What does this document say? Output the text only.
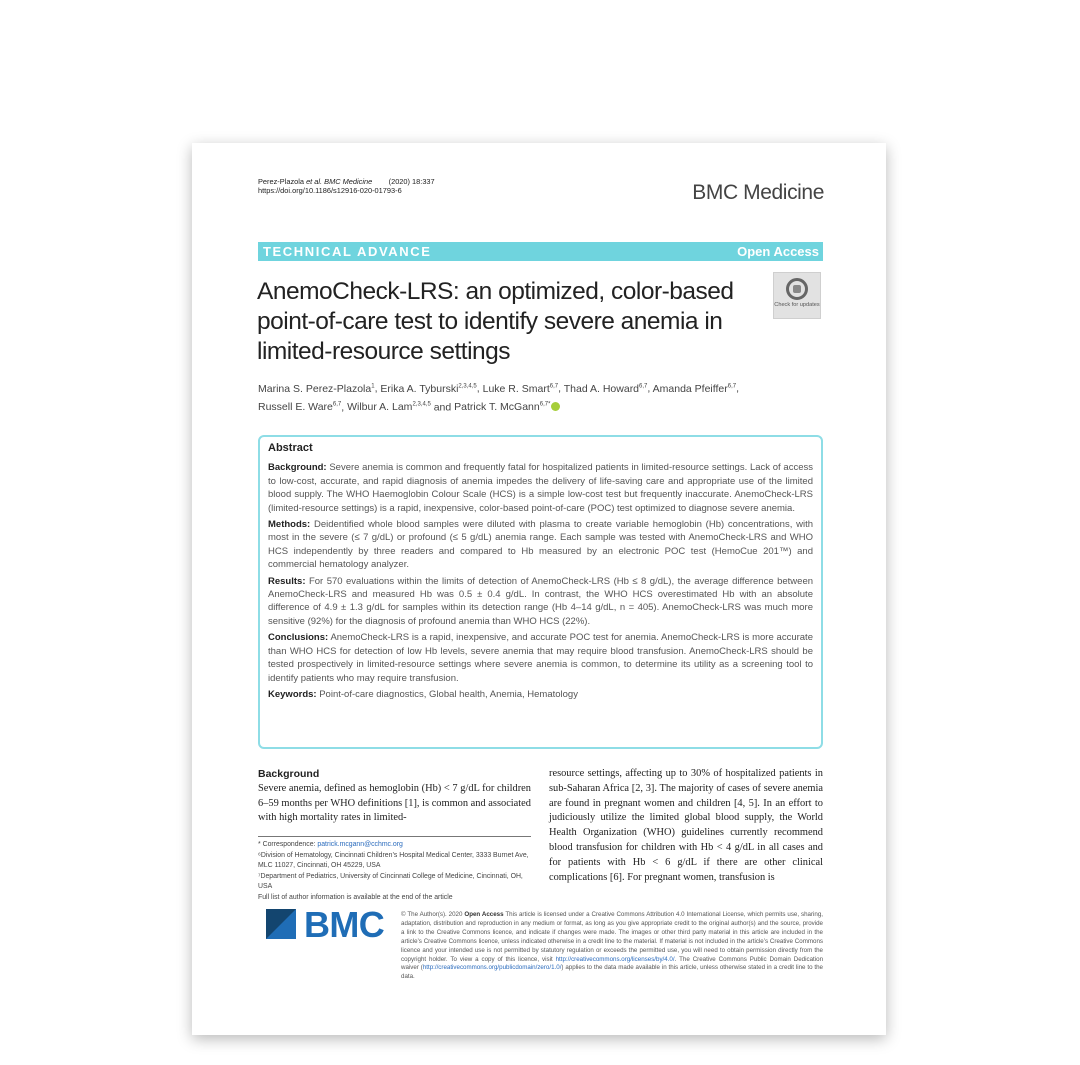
Perez-Plazola et al. BMC Medicine        (2020) 18:337
https://doi.org/10.1186/s12916-020-01793-6	BMC Medicine
TECHNICAL ADVANCE	Open Access
AnemoCheck-LRS: an optimized, color-based point-of-care test to identify severe anemia in limited-resource settings
Check for updates
Marina S. Perez-Plazola$^1$, Erika A. Tyburski$^{2,3,4,5}$, Luke R. Smart$^{6,7}$, Thad A. Howard$^{6,7}$, Amanda Pfeiffer$^{6,7}$,
Russell E. Ware$^{6,7}$, Wilbur A. Lam$^{2,3,4,5}$ and Patrick T. McGann$^{6,7*}$
Abstract

Background: Severe anemia is common and frequently fatal for hospitalized patients in limited-resource settings. Lack of access to low-cost, accurate, and rapid diagnosis of anemia impedes the delivery of life-saving care and appropriate use of the limited blood supply. The WHO Haemoglobin Colour Scale (HCS) is a simple low-cost test but frequently inaccurate. AnemoCheck-LRS (limited-resource settings) is a rapid, inexpensive, color-based point-of-care (POC) test optimized to diagnose severe anemia.

Methods: Deidentified whole blood samples were diluted with plasma to create variable hemoglobin (Hb) concentrations, with most in the severe (≤ 7 g/dL) or profound (≤ 5 g/dL) anemia range. Each sample was tested with AnemoCheck-LRS and WHO HCS independently by three readers and compared to Hb measured by an electronic POC test (HemoCue 201™) and commercial hematology analyzer.

Results: For 570 evaluations within the limits of detection of AnemoCheck-LRS (Hb ≤ 8 g/dL), the average difference between AnemoCheck-LRS and measured Hb was 0.5 ± 0.4 g/dL. In contrast, the WHO HCS overestimated Hb with an absolute difference of 4.9 ± 1.3 g/dL for samples within its detection range (Hb 4–14 g/dL, n = 405). AnemoCheck-LRS was much more sensitive (92%) for the diagnosis of profound anemia than WHO HCS (22%).

Conclusions: AnemoCheck-LRS is a rapid, inexpensive, and accurate POC test for anemia. AnemoCheck-LRS is more accurate than WHO HCS for detection of low Hb levels, severe anemia that may require blood transfusion. AnemoCheck-LRS should be tested prospectively in limited-resource settings where severe anemia is common, to determine its utility as a screening tool to identify patients who may require transfusion.

Keywords: Point-of-care diagnostics, Global health, Anemia, Hematology

Background
Severe anemia, defined as hemoglobin (Hb) < 7 g/dL for children 6–59 months per WHO definitions [1], is common and associated with high mortality rates in limited-
resource settings, affecting up to 30% of hospitalized patients in sub-Saharan Africa [2, 3]. The majority of cases of severe anemia are found in pregnant women and children [4, 5]. In an effort to judiciously utilize the limited global blood supply, the World Health Organization (WHO) guidelines currently recommend blood transfusion for children with Hb < 4 g/dL in all cases and for patients with Hb < 6 g/dL if there are other clinical complications [6]. For pregnant women, transfusion is
* Correspondence: patrick.mcgann@cchmc.org
⁶Division of Hematology, Cincinnati Children’s Hospital Medical Center, 3333 Burnet Ave, MLC 11027, Cincinnati, OH 45229, USA
⁷Department of Pediatrics, University of Cincinnati College of Medicine, Cincinnati, OH, USA
Full list of author information is available at the end of the article
BMC	© The Author(s). 2020 Open Access This article is licensed under a Creative Commons Attribution 4.0 International License, which permits use, sharing, adaptation, distribution and reproduction in any medium or format, as long as you give appropriate credit to the original author(s) and the source, provide a link to the Creative Commons licence, and indicate if changes were made. The images or other third party material in this article are included in the article’s Creative Commons licence, unless indicated otherwise in a credit line to the material. If material is not included in the article’s Creative Commons licence and your intended use is not permitted by statutory regulation or exceeds the permitted use, you will need to obtain permission directly from the copyright holder. To view a copy of this licence, visit http://creativecommons.org/licenses/by/4.0/. The Creative Commons Public Domain Dedication waiver (http://creativecommons.org/publicdomain/zero/1.0/) applies to the data made available in this article, unless otherwise stated in a credit line to the data.
